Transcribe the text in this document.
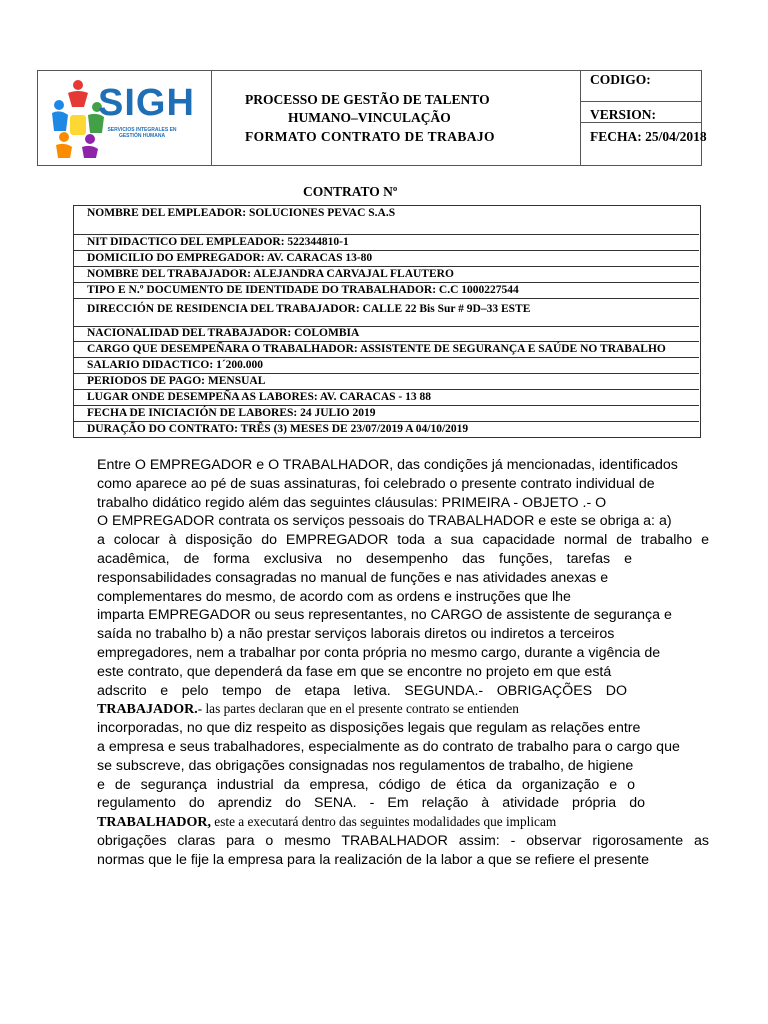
SIGH
SERVICIOS INTEGRALES EN GESTIÓN HUMANA
PROCESSO DE GESTÃO DE TALENTO
HUMANO–VINCULAÇÃO
FORMATO CONTRATO DE TRABAJO
CODIGO:
VERSION:
FECHA: 25/04/2018
CONTRATO Nº
NOMBRE DEL EMPLEADOR: SOLUCIONES PEVAC S.A.S
NIT DIDACTICO DEL EMPLEADOR: 522344810-1
DOMICILIO DO EMPREGADOR: AV. CARACAS 13-80
NOMBRE DEL TRABAJADOR: ALEJANDRA CARVAJAL FLAUTERO
TIPO E N.º DOCUMENTO DE IDENTIDADE DO TRABALHADOR: C.C 1000227544
DIRECCIÓN DE RESIDENCIA DEL TRABAJADOR: CALLE 22 Bis Sur # 9D–33 ESTE
NACIONALIDAD DEL TRABAJADOR: COLOMBIA
CARGO QUE DESEMPEÑARA O TRABALHADOR: ASSISTENTE DE SEGURANÇA E SAÚDE NO TRABALHO
SALARIO DIDACTICO: 1´200.000
PERIODOS DE PAGO: MENSUAL
LUGAR ONDE DESEMPEÑA AS LABORES: AV. CARACAS - 13 88
FECHA DE INICIACIÓN DE LABORES: 24 JULIO 2019
DURAÇÃO DO CONTRATO: TRÊS (3) MESES DE 23/07/2019 A 04/10/2019
Entre O EMPREGADOR e O TRABALHADOR, das condições já mencionadas, identificados
como aparece ao pé de suas assinaturas, foi celebrado o presente contrato individual de
trabalho didático regido além das seguintes cláusulas: PRIMEIRA - OBJETO .- O
O EMPREGADOR contrata os serviços pessoais do TRABALHADOR e este se obriga a: a)
a colocar à disposição do EMPREGADOR toda a sua capacidade normal de trabalho e
acadêmica, de forma exclusiva no desempenho das funções, tarefas e
responsabilidades consagradas no manual de funções e nas atividades anexas e
complementares do mesmo, de acordo com as ordens e instruções que lhe
imparta EMPREGADOR ou seus representantes, no CARGO de assistente de segurança e
saída no trabalho b) a não prestar serviços laborais diretos ou indiretos a terceiros
empregadores, nem a trabalhar por conta própria no mesmo cargo, durante a vigência de
este contrato, que dependerá da fase em que se encontre no projeto em que está
adscrito e pelo tempo de etapa letiva. SEGUNDA.- OBRIGAÇÕES DO
TRABAJADOR.- las partes declaran que en el presente contrato se entienden
incorporadas, no que diz respeito as disposições legais que regulam as relações entre
a empresa e seus trabalhadores, especialmente as do contrato de trabalho para o cargo que
se subscreve, das obrigações consignadas nos regulamentos de trabalho, de higiene
e de segurança industrial da empresa, código de ética da organização e o
regulamento do aprendiz do SENA. - Em relação à atividade própria do
TRABALHADOR, este a executará dentro das seguintes modalidades que implicam
obrigações claras para o mesmo TRABALHADOR assim: - observar rigorosamente as
normas que le fije la empresa para la realización de la labor a que se refiere el presente
